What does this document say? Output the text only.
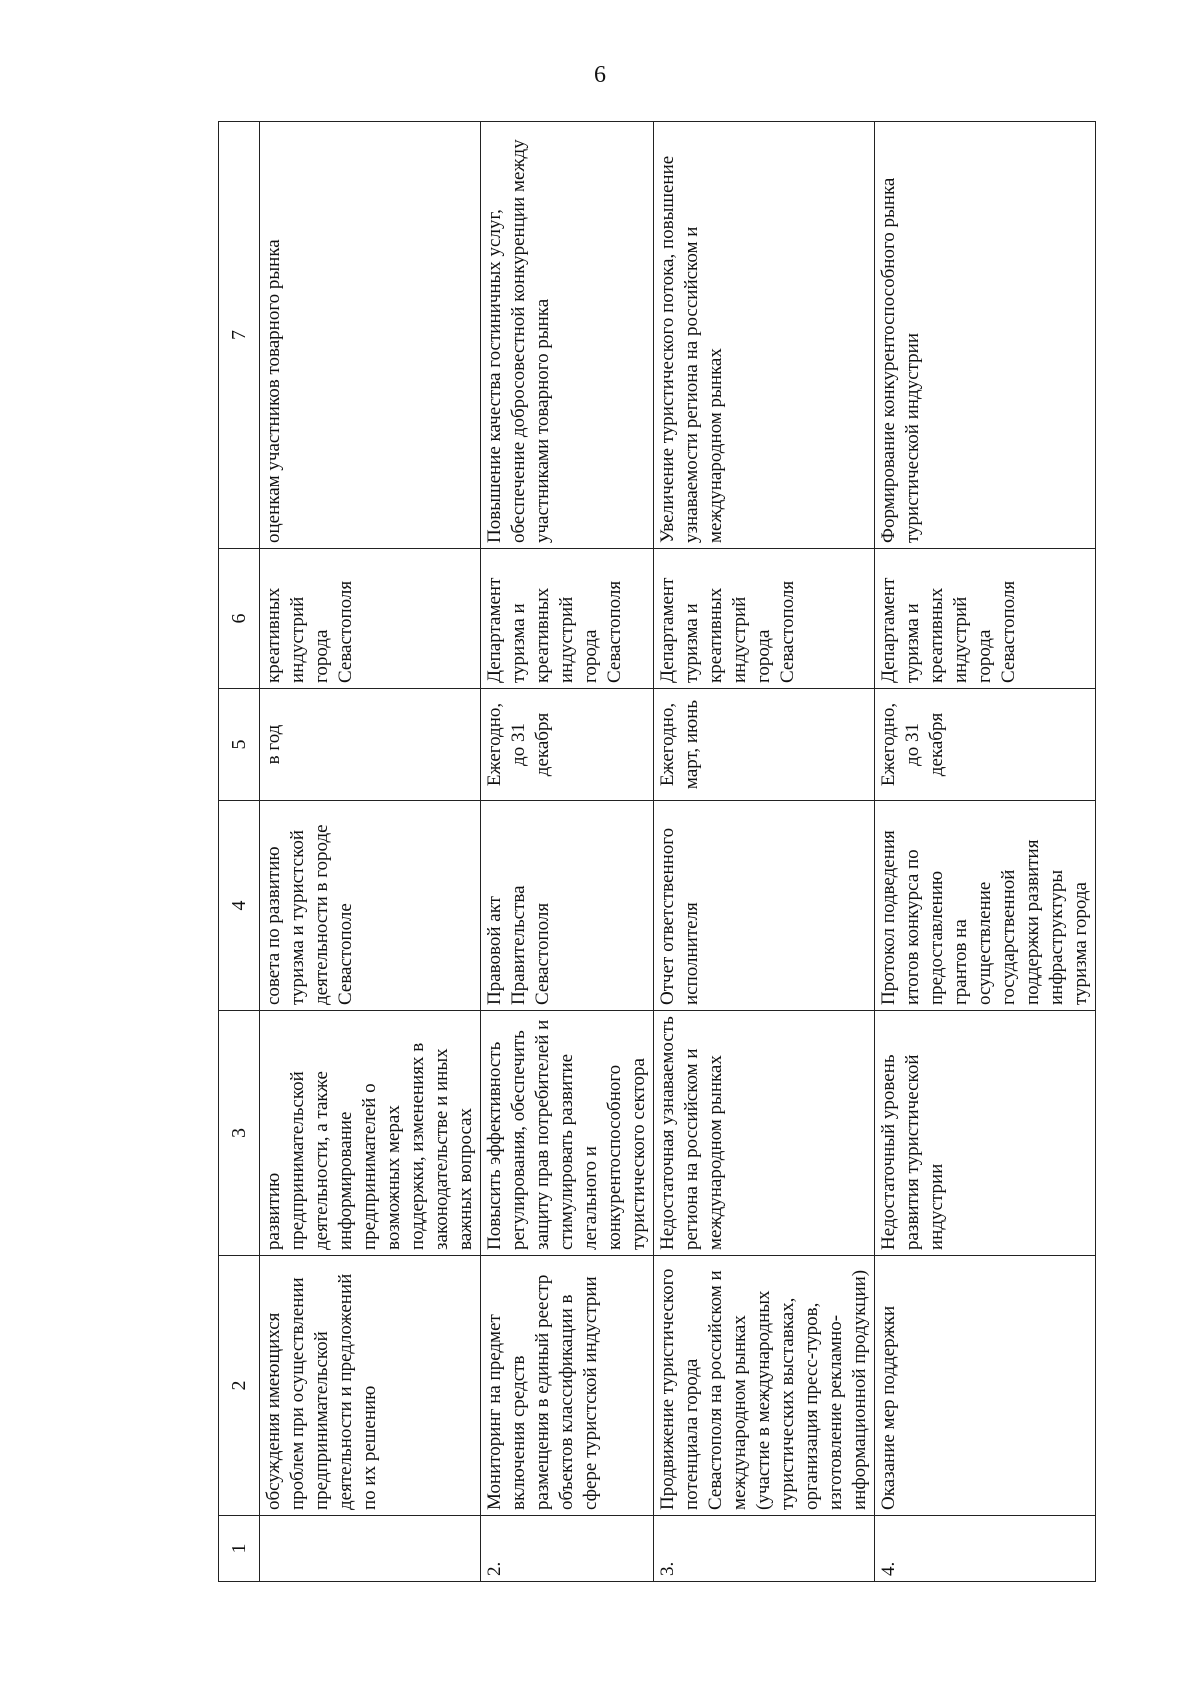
6
1	2	3	4	5	6	7
	обсуждения имеющихся проблем при осуществлении предпринимательской деятельности и предложений по их решению	развитию предпринимательской деятельности, а также информирование предпринимателей о возможных мерах поддержки, изменениях в законодательстве и иных важных вопросах	совета по развитию туризма и туристской деятельности в городе Севастополе	в год	креативных индустрий города Севастополя	оценкам участников товарного рынка
2.	Мониторинг на предмет включения средств размещения в единый реестр объектов классификации в сфере туристской индустрии	Повысить эффективность регулирования, обеспечить защиту прав потребителей и стимулировать развитие легального и конкурентоспособного туристического сектора	Правовой акт Правительства Севастополя	Ежегодно, до 31 декабря	Департамент туризма и креативных индустрий города Севастополя	Повышение качества гостиничных услуг, обеспечение добросовестной конкуренции между участниками товарного рынка
3.	Продвижение туристического потенциала города Севастополя на российском и международном рынках (участие в международных туристических выставках, организация пресс-туров, изготовление рекламно-информационной продукции)	Недостаточная узнаваемость региона на российском и международном рынках	Отчет ответственного исполнителя	Ежегодно, март, июнь	Департамент туризма и креативных индустрий города Севастополя	Увеличение туристического потока, повышение узнаваемости региона на российском и международном рынках
4.	Оказание мер поддержки	Недостаточный уровень развития туристической индустрии	Протокол подведения итогов конкурса по предоставлению грантов на осуществление государственной поддержки развития инфраструктуры туризма города	Ежегодно, до 31 декабря	Департамент туризма и креативных индустрий города Севастополя	Формирование конкурентоспособного рынка туристической индустрии
